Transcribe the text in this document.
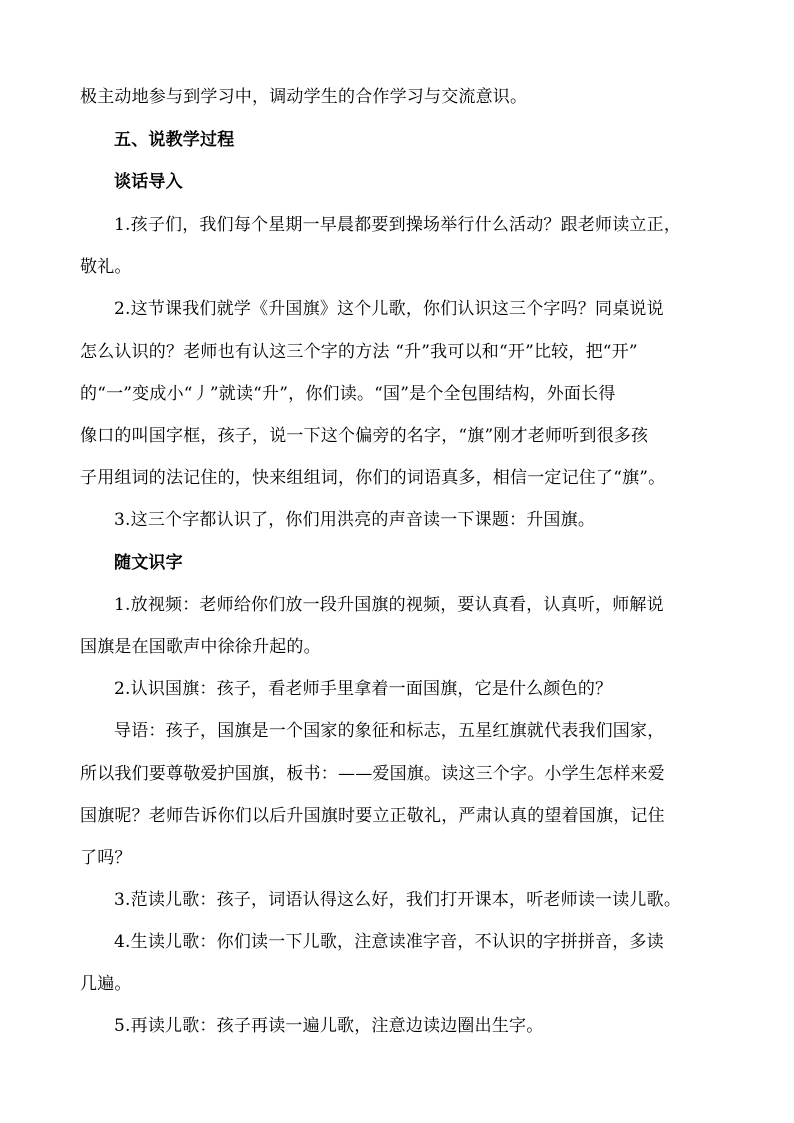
极主动地参与到学习中，调动学生的合作学习与交流意识。
五、说教学过程
谈话导入
1.孩子们，我们每个星期一早晨都要到操场举行什么活动？跟老师读立正，
敬礼。
2.这节课我们就学《升国旗》这个儿歌，你们认识这三个字吗？同桌说说
怎么认识的？老师也有认这三个字的方法 “升”我可以和“开”比较，把“开”
的“一”变成小“丿”就读“升”，你们读。“国”是个全包围结构，外面长得
像口的叫国字框，孩子，说一下这个偏旁的名字，“旗”刚才老师听到很多孩
子用组词的法记住的，快来组组词，你们的词语真多，相信一定记住了“旗”。
3.这三个字都认识了，你们用洪亮的声音读一下课题：升国旗。
随文识字
1.放视频：老师给你们放一段升国旗的视频，要认真看，认真听，师解说
国旗是在国歌声中徐徐升起的。
2.认识国旗：孩子，看老师手里拿着一面国旗，它是什么颜色的？
导语：孩子，国旗是一个国家的象征和标志，五星红旗就代表我们国家，
所以我们要尊敬爱护国旗，板书：——爱国旗。读这三个字。小学生怎样来爱
国旗呢？老师告诉你们以后升国旗时要立正敬礼，严肃认真的望着国旗，记住
了吗？
3.范读儿歌：孩子，词语认得这么好，我们打开课本，听老师读一读儿歌。
4.生读儿歌：你们读一下儿歌，注意读准字音，不认识的字拼拼音，多读
几遍。
5.再读儿歌：孩子再读一遍儿歌，注意边读边圈出生字。
